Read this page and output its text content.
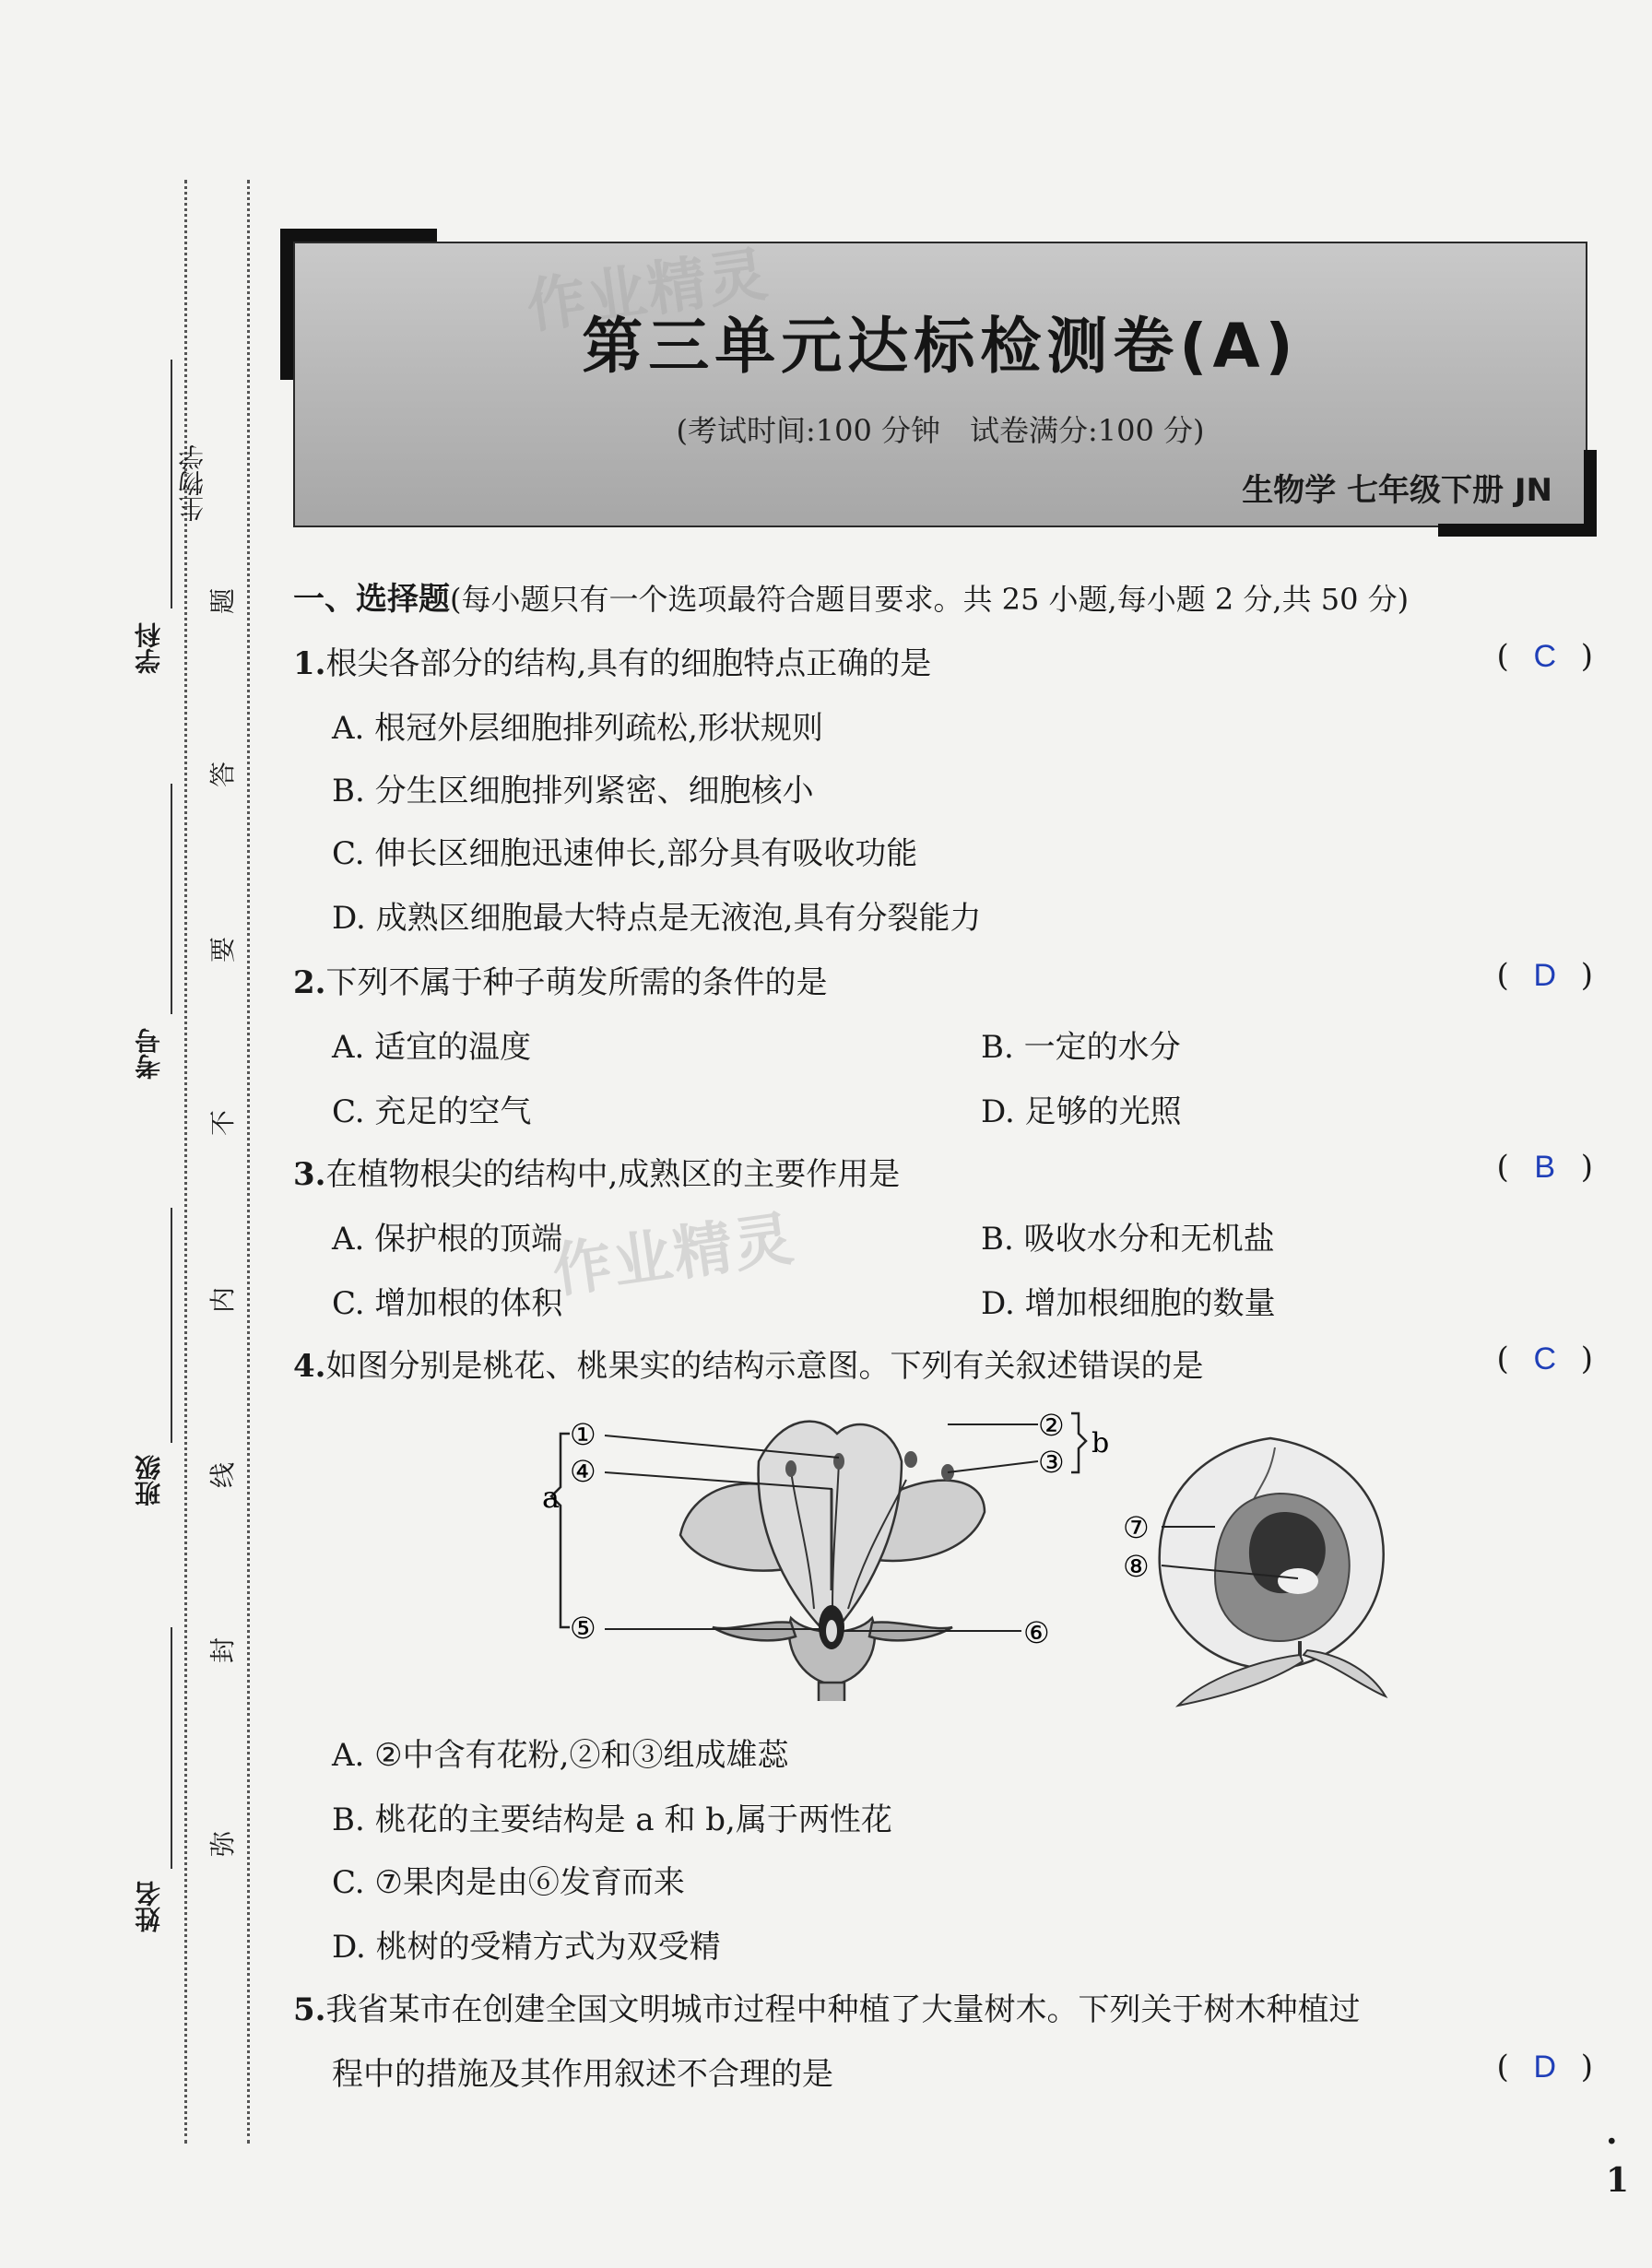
学科
生物学
考号
班级
姓名
题
答
要
不
内
线
封
弥
作业精灵
第三单元达标检测卷(A)
(考试时间:100 分钟　试卷满分:100 分)
生物学 七年级下册 JN
一、选择题(每小题只有一个选项最符合题目要求。共 25 小题,每小题 2 分,共 50 分)
1.根尖各部分的结构,具有的细胞特点正确的是	( C )
A. 根冠外层细胞排列疏松,形状规则
B. 分生区细胞排列紧密、细胞核小
C. 伸长区细胞迅速伸长,部分具有吸收功能
D. 成熟区细胞最大特点是无液泡,具有分裂能力
2.下列不属于种子萌发所需的条件的是	( D )
A. 适宜的温度	B. 一定的水分
C. 充足的空气	D. 足够的光照
3.在植物根尖的结构中,成熟区的主要作用是	( B )
A. 保护根的顶端	B. 吸收水分和无机盐
C. 增加根的体积	D. 增加根细胞的数量
作业精灵
4.如图分别是桃花、桃果实的结构示意图。下列有关叙述错误的是	( C )
a
①
④
⑤	⑥
②
③
b
⑦
⑧
A. ②中含有花粉,②和③组成雄蕊
B. 桃花的主要结构是 a 和 b,属于两性花
C. ⑦果肉是由⑥发育而来
D. 桃树的受精方式为双受精
5.我省某市在创建全国文明城市过程中种植了大量树木。下列关于树木种植过
程中的措施及其作用叙述不合理的是	( D )
· 1
